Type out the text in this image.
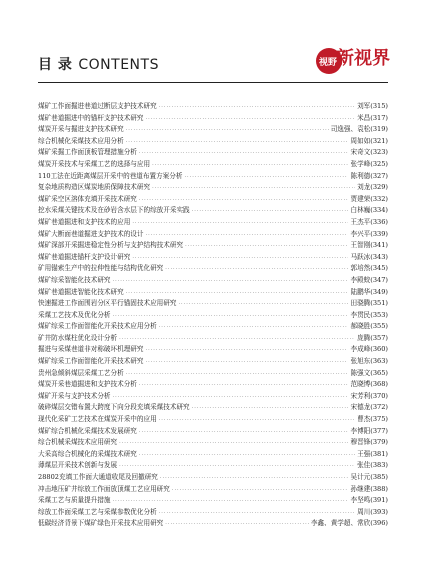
目 录 CONTENTS	视野
新视界
煤矿工作面掘进巷道过断层支护技术研究 ·····	刘军 (315)
煤矿巷道掘进中的锚杆支护技术研究 ·····	米昌 (317)
煤炭开采与掘进支护技术研究 ·····	司逸强、袁松 (319)
综合机械化采煤技术应用分析 ·····	周如如 (321)
煤矿采掘工作面顶板管理措施分析 ·····	宋奇文 (323)
煤炭开采技术与采煤工艺的选择与应用 ·····	张学峰 (325)
110工法在近距离煤层开采中的巷道布置方案分析 ·····	陈利德 (327)
复杂地质构造区煤炭地质保障技术研究 ·····	刘龙 (329)
煤矿采空区溶体充填开采技术研究 ·····	贾建荣 (332)
挖水采煤关键技术及在砂岩含水层下的综放开采实践 ·····	白林巍 (334)
煤矿巷道掘进和支护技术的应用 ·····	王杰平 (336)
煤矿大断面巷道掘进支护技术的设计 ·····	李兴平 (339)
煤矿深部开采掘进稳定性分析与支护结构技术研究 ·····	王智刚 (341)
煤矿巷道掘进锚杆支护设计研究 ·····	马跃冰 (343)
矿用锚索生产中的拉伸性能与结构优化研究 ·····	郭培然 (345)
煤矿综采智能化技术研究 ·····	李殿蛟 (347)
煤矿巷道掘进智能化技术研究 ·····	陆鹏华 (349)
快速掘进工作面围岩分区平行锚固技术应用研究 ·····	田骁腾 (351)
采煤工艺技术及优化分析 ·····	李贯民 (353)
煤矿综采工作面智能化开采技术应用分析 ·····	郝晓胜 (355)
矿井防水煤柱优化设计分析 ·····	庞腾 (357)
掘进与采煤巷道非对称破坏机理研究 ·····	李成峰 (360)
煤矿综采工作面智能化开采技术研究 ·····	张旭东 (363)
贵州急倾斜煤层采煤工艺分析 ·····	陈强文 (365)
煤炭开采巷道掘进和支护技术分析 ·····	范晓博 (368)
煤矿开采与支护技术分析 ·····	宋芳利 (370)
破碎煤层交错布置大跨度下向分段充填采煤技术研究 ·····	宋德龙 (372)
现代化采矿工艺技术在煤炭开采中的应用 ·····	曹杰 (375)
煤矿综合机械化采煤技术发展研究 ·····	李博阳 (377)
综合机械采煤技术应用研究 ·····	穆晋锋 (379)
大采高综合机械化的采煤技术研究 ·····	王强 (381)
薄煤层开采技术创新与发展 ·····	张佳 (383)
28802充填工作面大通道收尾及回撤研究 ·····	吴计元 (385)
冲击地压矿井综放工作面放顶煤工艺应用研究 ·····	孙继建 (388)
采煤工艺与质量提升措施 ·····	李坚鸣 (391)
综放工作面采煤工艺与采煤参数优化分析 ·····	周川 (393)
低碳经济背景下煤矿绿色开采技术应用研究 ·····	李鑫、黄学超、常欣 (396)
